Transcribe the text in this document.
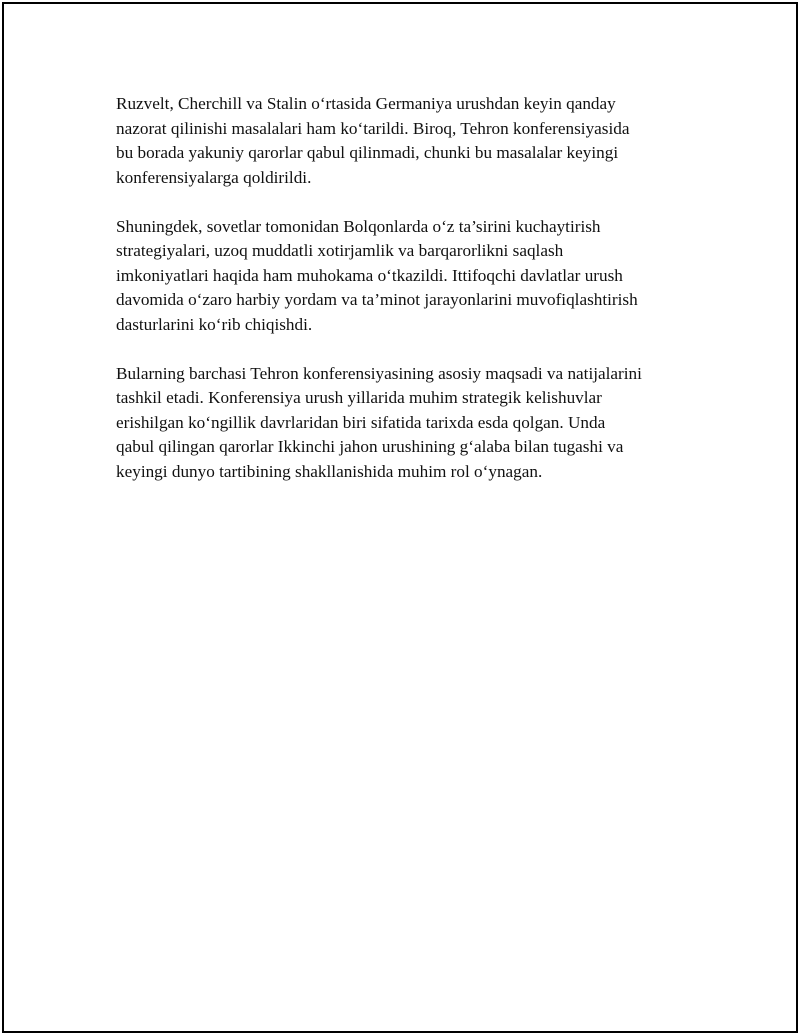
Ruzvelt, Cherchill va Stalin o‘rtasida Germaniya urushdan keyin qanday
nazorat qilinishi masalalari ham ko‘tarildi. Biroq, Tehron konferensiyasida
bu borada yakuniy qarorlar qabul qilinmadi, chunki bu masalalar keyingi
konferensiyalarga qoldirildi.

Shuningdek, sovetlar tomonidan Bolqonlarda o‘z ta’sirini kuchaytirish
strategiyalari, uzoq muddatli xotirjamlik va barqarorlikni saqlash
imkoniyatlari haqida ham muhokama o‘tkazildi. Ittifoqchi davlatlar urush
davomida o‘zaro harbiy yordam va ta’minot jarayonlarini muvofiqlashtirish
dasturlarini ko‘rib chiqishdi.

Bularning barchasi Tehron konferensiyasining asosiy maqsadi va natijalarini
tashkil etadi. Konferensiya urush yillarida muhim strategik kelishuvlar
erishilgan ko‘ngillik davrlaridan biri sifatida tarixda esda qolgan. Unda
qabul qilingan qarorlar Ikkinchi jahon urushining g‘alaba bilan tugashi va
keyingi dunyo tartibining shakllanishida muhim rol o‘ynagan.
